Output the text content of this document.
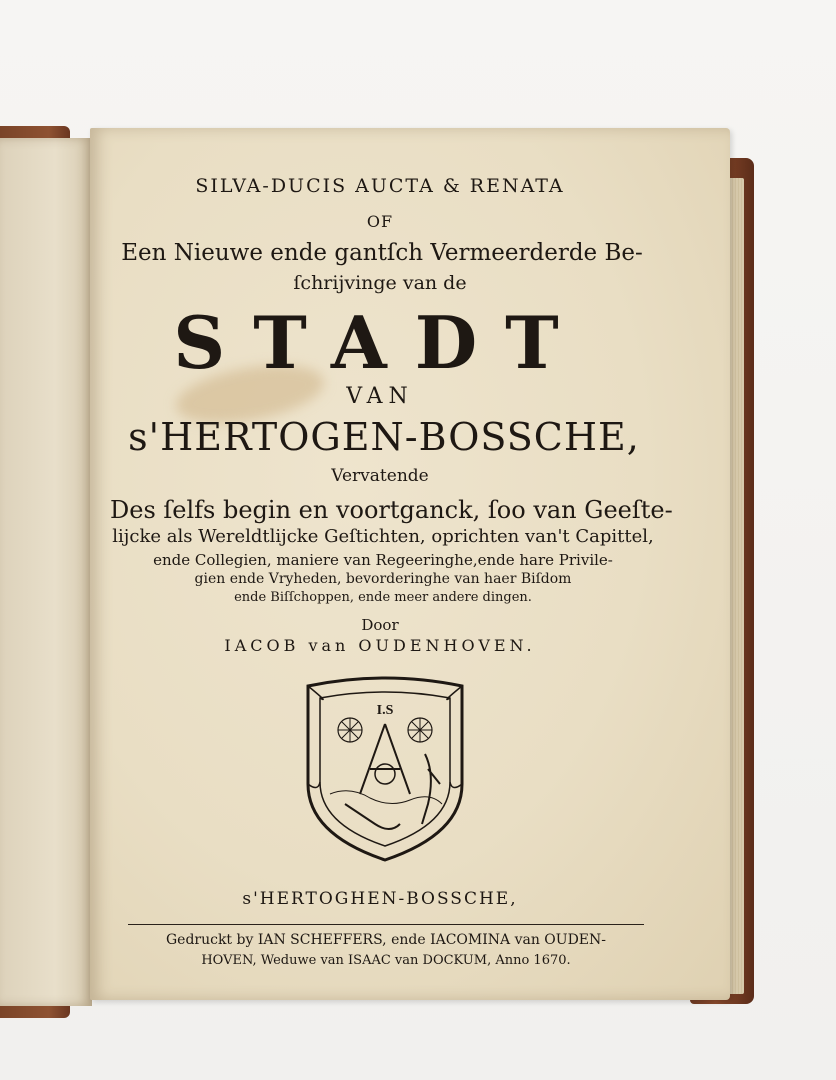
SILVA-DUCIS AUCTA & RENATA
OF
Een Nieuwe ende gantſch Vermeerderde Be-
ſchrijvinge van de
STADT
VAN
s'HERTOGEN-BOSSCHE,
Vervatende
Des ſelfs begin en voortganck, ſoo van Geeſte-
lijcke als Wereldtlijcke Geſtichten, oprichten van't Capittel,
ende Collegien, maniere van Regeeringhe,ende hare Privile-
gien ende Vryheden, bevorderinghe van haer Biſdom
ende Biſſchoppen, ende meer andere dingen.
Door
IACOB van OUDENHOVEN.
I.S
s'HERTOGHEN-BOSSCHE,
Gedruckt by IAN SCHEFFERS, ende IACOMINA van OUDEN-
HOVEN, Weduwe van ISAAC van DOCKUM, Anno 1670.
